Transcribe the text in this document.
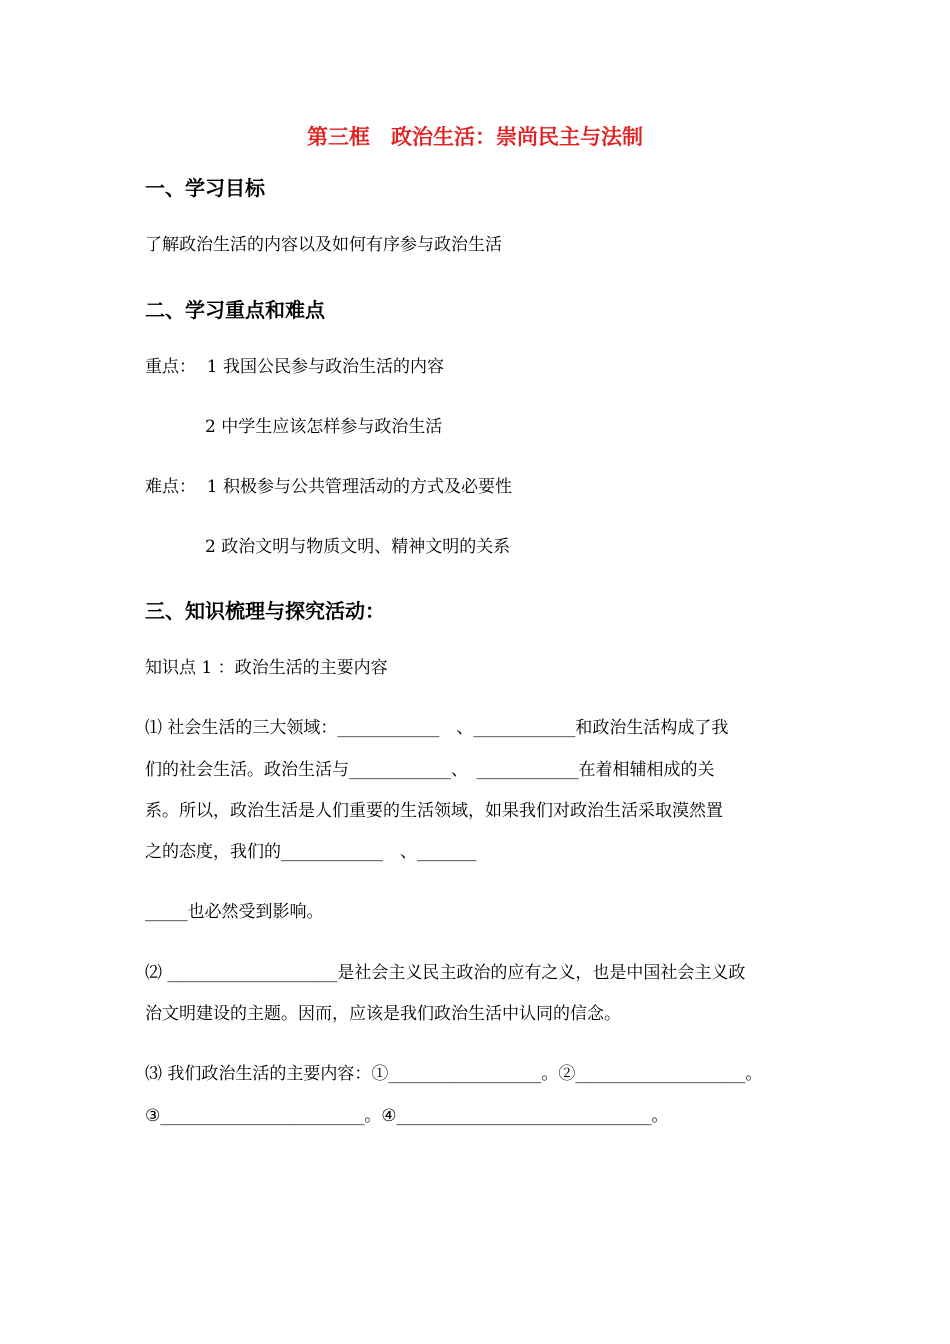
第三框　政治生活：崇尚民主与法制
一、学习目标
了解政治生活的内容以及如何有序参与政治生活
二、学习重点和难点
重点：  1 我国公民参与政治生活的内容
2 中学生应该怎样参与政治生活
难点：  1 积极参与公共管理活动的方式及必要性
2 政治文明与物质文明、精神文明的关系
三、知识梳理与探究活动：
知识点 1 ：政治生活的主要内容
⑴ 社会生活的三大领域：____________　、____________和政治生活构成了我
们的社会生活。政治生活与____________、　____________在着相辅相成的关
系。所以，政治生活是人们重要的生活领域，如果我们对政治生活采取漠然置
之的态度，我们的____________　、_______
_____也必然受到影响。
⑵ ____________________是社会主义民主政治的应有之义，也是中国社会主义政
治文明建设的主题。因而，应该是我们政治生活中认同的信念。
⑶ 我们政治生活的主要内容：①__________________。②____________________。
③________________________。④______________________________。
